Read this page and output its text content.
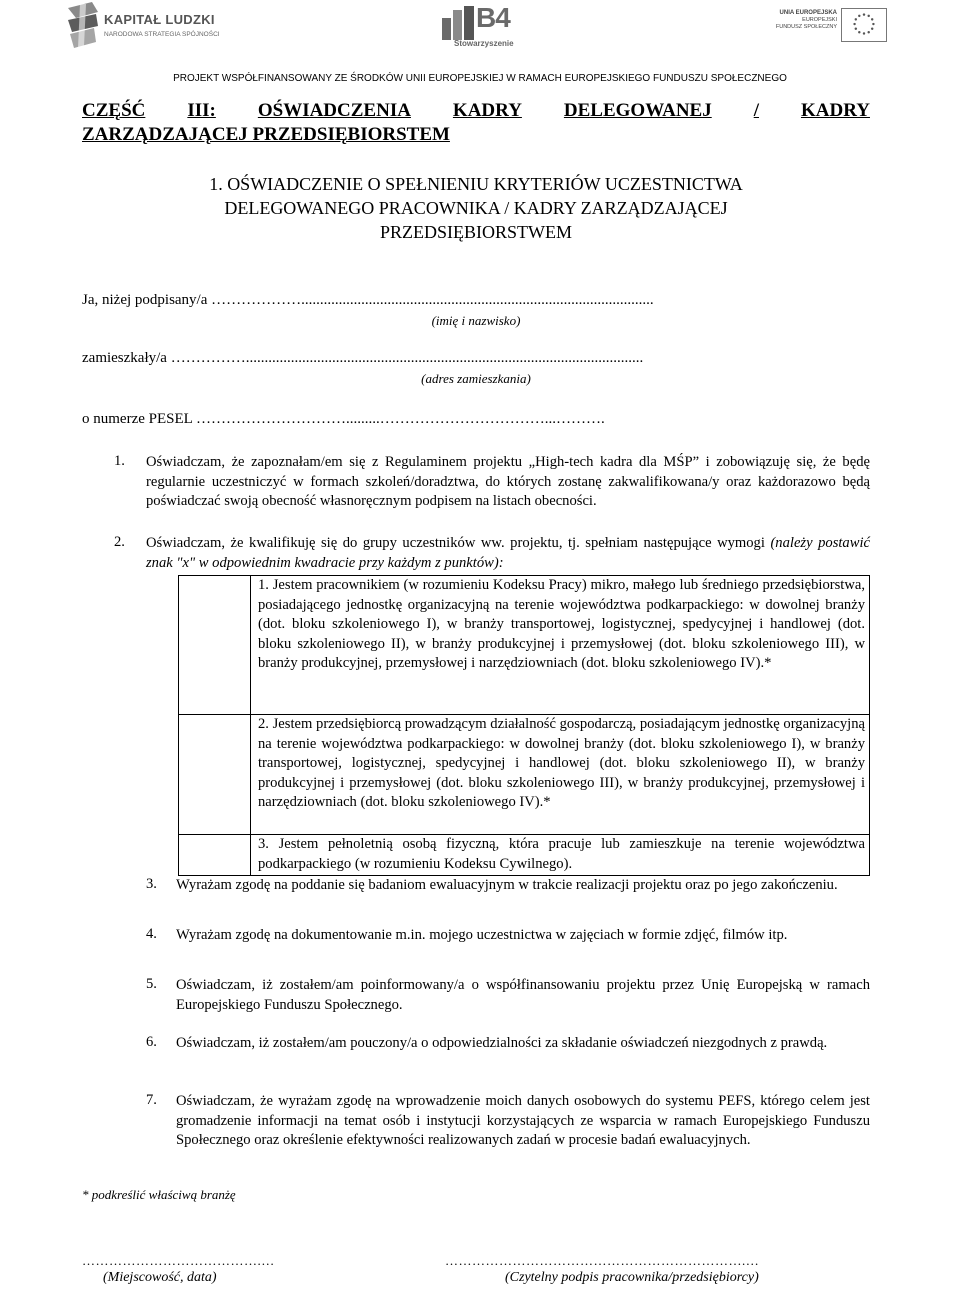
KAPITAŁ LUDZKI
NARODOWA STRATEGIA SPÓJNOŚCI
B4
Stowarzyszenie
UNIA EUROPEJSKA
EUROPEJSKI
FUNDUSZ SPOŁECZNY
PROJEKT WSPÓŁFINANSOWANY ZE ŚRODKÓW UNII EUROPEJSKIEJ W RAMACH EUROPEJSKIEGO FUNDUSZU SPOŁECZNEGO
CZĘŚĆ III: OŚWIADCZENIA KADRY DELEGOWANEJ / KADRY
ZARZĄDZAJĄCEJ PRZEDSIĘBIORSTEM
1. OŚWIADCZENIE O SPEŁNIENIU KRYTERIÓW UCZESTNICTWA
DELEGOWANEGO PRACOWNIKA / KADRY ZARZĄDZAJĄCEJ
PRZEDSIĘBIORSTWEM
Ja, niżej podpisany/a ………………..............................................................................................
(imię i nazwisko)
zamieszkały/a ……………..........................................................................................................
(adres zamieszkania)
o numerze PESEL ………………………….........……………………………...……….
1. Oświadczam, że zapoznałam/em się z Regulaminem projektu „High-tech kadra dla MŚP” i zobowiązuję się, że będę regularnie uczestniczyć w formach szkoleń/doradztwa, do których zostanę zakwalifikowana/y oraz każdorazowo będą poświadczać swoją obecność własnoręcznym podpisem na listach obecności.
2. Oświadczam, że kwalifikuję się do grupy uczestników ww. projektu, tj. spełniam następujące wymogi (należy postawić znak "x" w odpowiednim kwadracie przy każdym z punktów):
	1. Jestem pracownikiem (w rozumieniu Kodeksu Pracy) mikro, małego lub średniego przedsiębiorstwa, posiadającego jednostkę organizacyjną na terenie województwa podkarpackiego: w dowolnej branży (dot. bloku szkoleniowego I), w branży transportowej, logistycznej, spedycyjnej i handlowej (dot. bloku szkoleniowego II), w branży produkcyjnej i przemysłowej (dot. bloku szkoleniowego III), w branży produkcyjnej, przemysłowej i narzędziowniach (dot. bloku szkoleniowego IV).*
	2. Jestem przedsiębiorcą prowadzącym działalność gospodarczą, posiadającym jednostkę organizacyjną na terenie województwa podkarpackiego: w dowolnej branży (dot. bloku szkoleniowego I), w branży transportowej, logistycznej, spedycyjnej i handlowej (dot. bloku szkoleniowego II), w branży produkcyjnej i przemysłowej (dot. bloku szkoleniowego III), w branży produkcyjnej, przemysłowej i narzędziowniach (dot. bloku szkoleniowego IV).*
	3. Jestem pełnoletnią osobą fizyczną, która pracuje lub zamieszkuje na terenie województwa podkarpackiego (w rozumieniu Kodeksu Cywilnego).
3. Wyrażam zgodę na poddanie się badaniom ewaluacyjnym w trakcie realizacji projektu oraz po jego zakończeniu.
4. Wyrażam zgodę na dokumentowanie m.in. mojego uczestnictwa w zajęciach w formie zdjęć, filmów itp.
5. Oświadczam, iż zostałem/am poinformowany/a o współfinansowaniu projektu przez Unię Europejską w ramach Europejskiego Funduszu Społecznego.
6. Oświadczam, iż zostałem/am pouczony/a o odpowiedzialności za składanie oświadczeń niezgodnych z prawdą.
7. Oświadczam, że wyrażam zgodę na wprowadzenie moich danych osobowych do systemu PEFS, którego celem jest gromadzenie informacji na temat osób i instytucji korzystających ze wsparcia w ramach Europejskiego Funduszu Społecznego oraz określenie efektywności realizowanych zadań w procesie badań ewaluacyjnych.
* podkreślić właściwą branżę
………………………………….…
(Miejscowość, data)
………………………………………………………….…
(Czytelny podpis pracownika/przedsiębiorcy)
